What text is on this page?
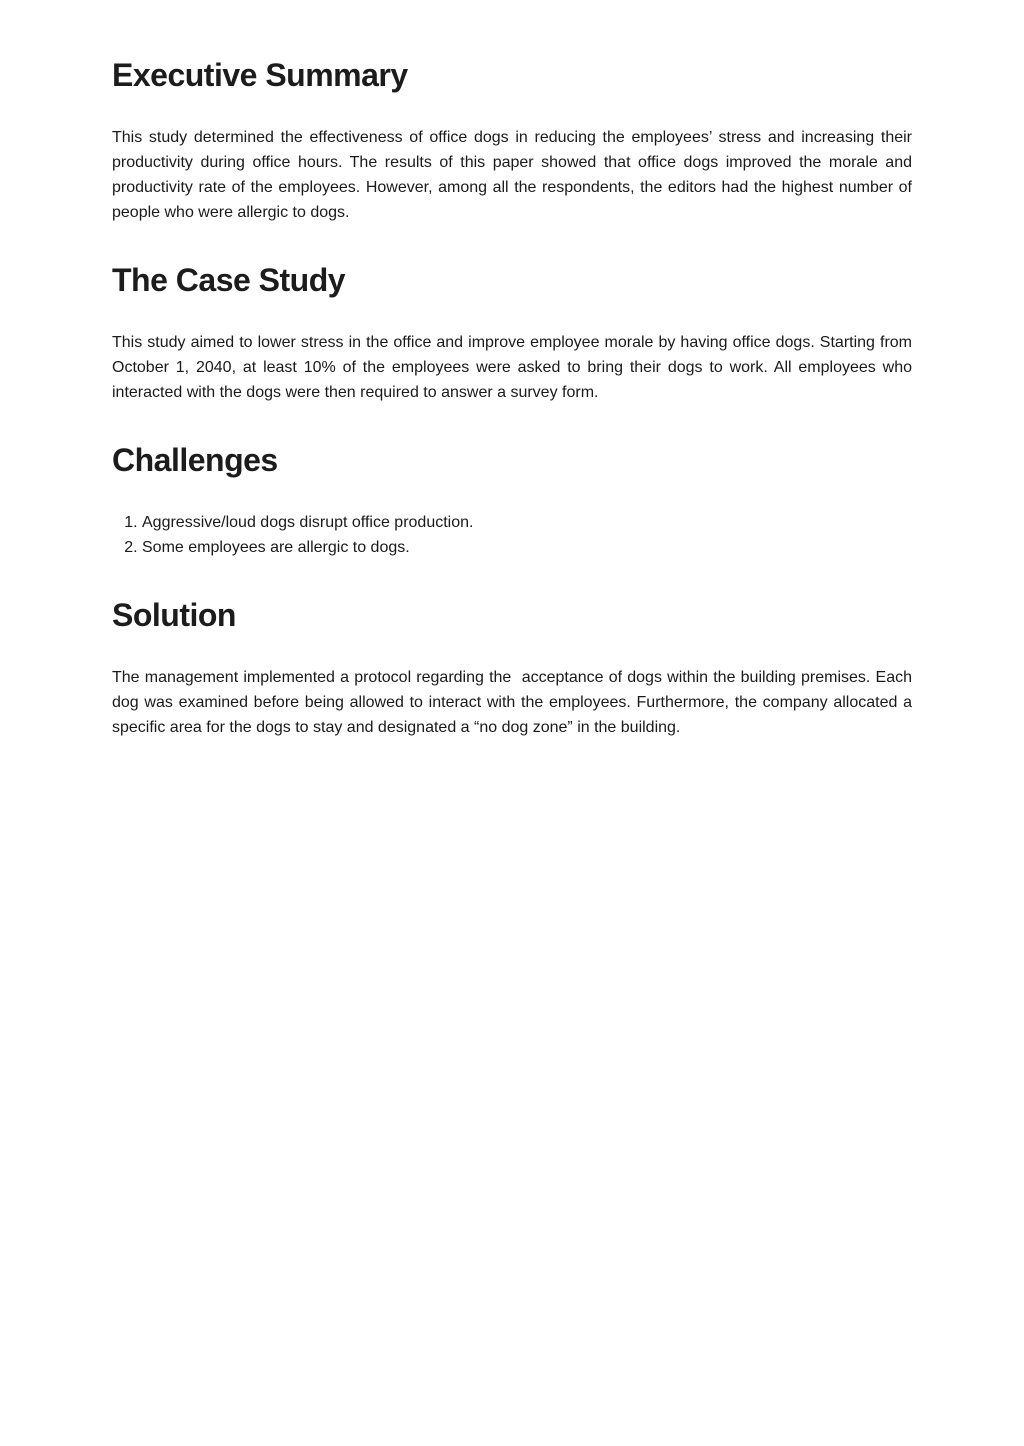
Executive Summary

This study determined the effectiveness of office dogs in reducing the employees’ stress and increasing their productivity during office hours. The results of this paper showed that office dogs improved the morale and productivity rate of the employees. However, among all the respondents, the editors had the highest number of people who were allergic to dogs.

The Case Study

This study aimed to lower stress in the office and improve employee morale by having office dogs. Starting from October 1, 2040, at least 10% of the employees were asked to bring their dogs to work. All employees who interacted with the dogs were then required to answer a survey form.

Challenges
1. Aggressive/loud dogs disrupt office production.
2. Some employees are allergic to dogs.
Solution

The management implemented a protocol regarding the  acceptance of dogs within the building premises. Each dog was examined before being allowed to interact with the employees. Furthermore, the company allocated a specific area for the dogs to stay and designated a “no dog zone” in the building.
